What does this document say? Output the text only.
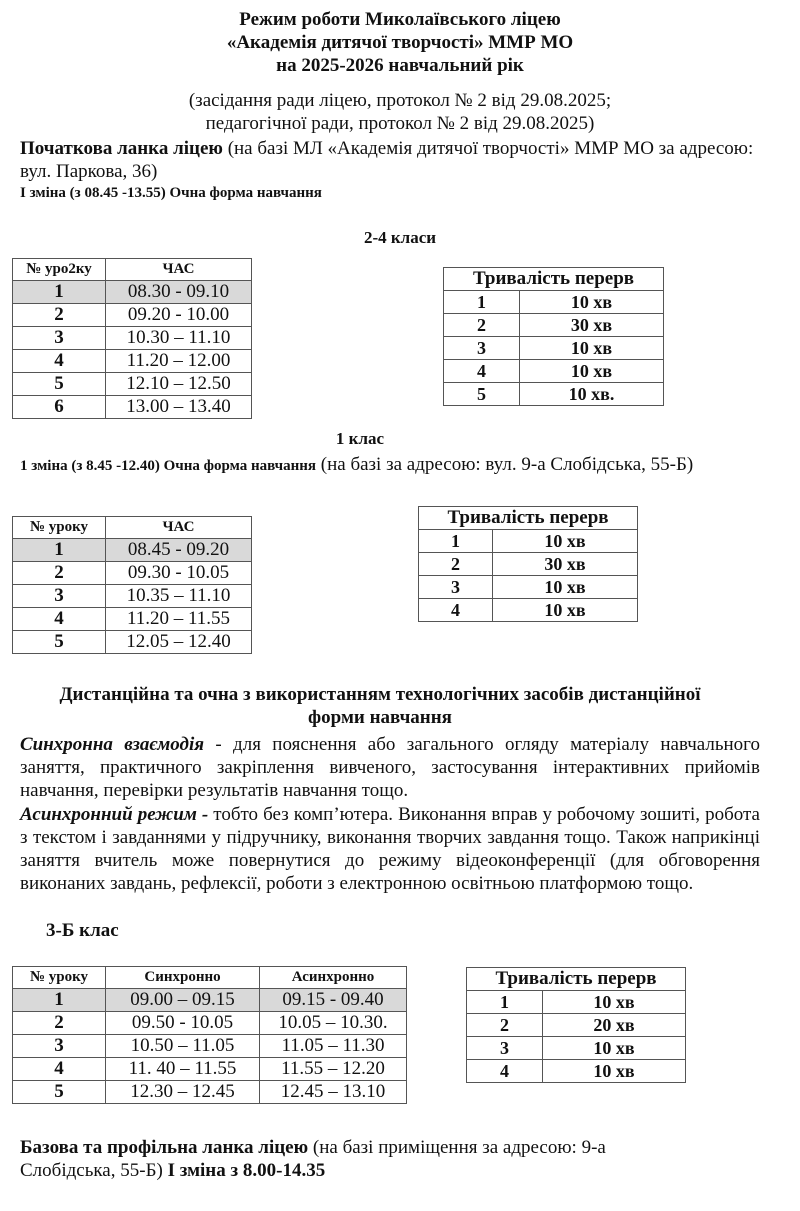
Режим роботи Миколаївського ліцею
«Академія дитячої творчості» ММР МО
на 2025-2026 навчальний рік
(засідання ради ліцею, протокол № 2 від 29.08.2025;
педагогічної ради, протокол № 2 від 29.08.2025)
Початкова ланка ліцею (на базі МЛ «Академія дитячої творчості» ММР МО за адресою: вул. Паркова, 36)
І зміна (з 08.45 -13.55) Очна форма навчання
2-4 класи
№ уро2ку	ЧАС
1	08.30 - 09.10
2	09.20 - 10.00
3	10.30 – 11.10
4	11.20 – 12.00
5	12.10 – 12.50
6	13.00 – 13.40
Тривалість перерв	
1	10 хв
2	30 хв
3	10 хв
4	10 хв
5	10 хв.
1 клас
1 зміна (з 8.45 -12.40) Очна форма навчання (на базі за адресою: вул. 9-а Слобідська, 55-Б)
№ уроку	ЧАС
1	08.45 - 09.20
2	09.30 - 10.05
3	10.35 – 11.10
4	11.20 – 11.55
5	12.05 – 12.40
Тривалість перерв	
1	10 хв
2	30 хв
3	10 хв
4	10 хв
Дистанційна та очна з використанням технологічних засобів дистанційної
форми навчання
Синхронна взаємодія - для пояснення або загального огляду матеріалу навчального заняття, практичного закріплення вивченого, застосування інтерактивних прийомів навчання, перевірки результатів навчання тощо.
Асинхронний режим - тобто без комп’ютера. Виконання вправ у робочому зошиті, робота з текстом і завданнями у підручнику, виконання творчих завдання тощо. Також наприкінці заняття вчитель може повернутися до режиму відеоконференції (для обговорення виконаних завдань, рефлексії, роботи з електронною освітньою платформою тощо.
3-Б клас
№ уроку	Синхронно	Асинхронно
1	09.00 – 09.15	09.15 - 09.40
2	09.50 - 10.05	10.05 – 10.30.
3	10.50 – 11.05	11.05 – 11.30
4	11. 40 – 11.55	11.55 – 12.20
5	12.30 – 12.45	12.45 – 13.10
Тривалість перерв	
1	10 хв
2	20 хв
3	10 хв
4	10 хв
Базова та профільна ланка ліцею (на базі приміщення за адресою: 9-а Слобідська, 55-Б) І зміна з 8.00-14.35
